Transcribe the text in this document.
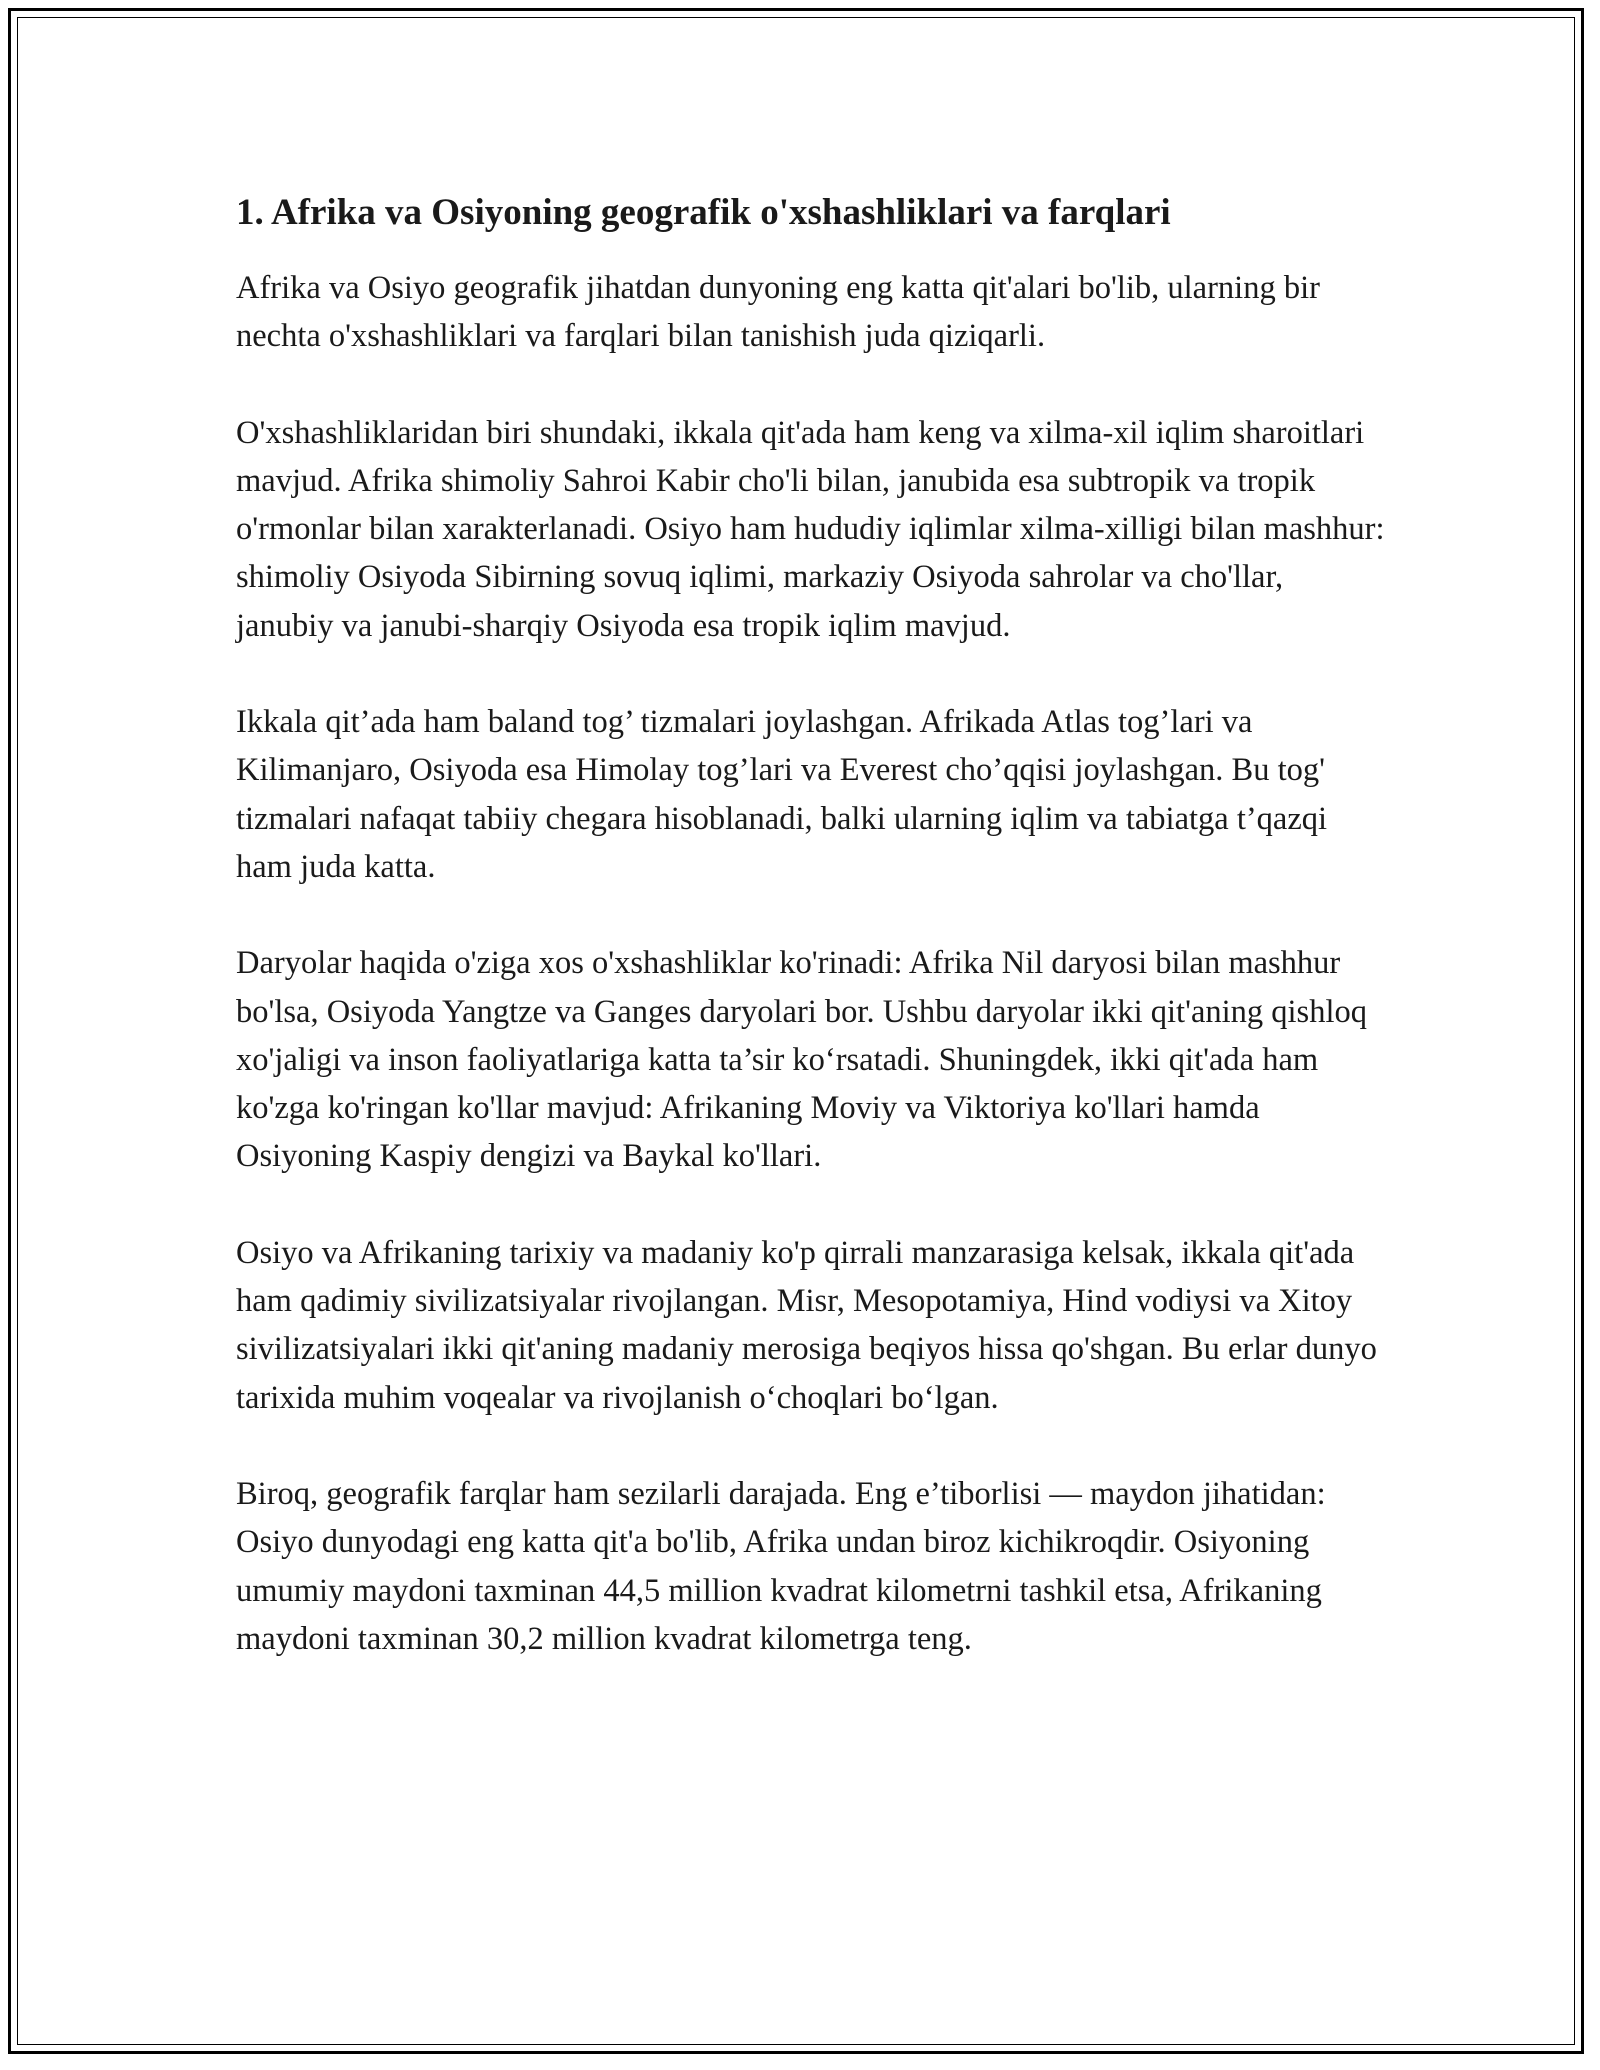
1. Afrika va Osiyoning geografik o'xshashliklari va farqlari

Afrika va Osiyo geografik jihatdan dunyoning eng katta qit'alari bo'lib, ularning bir nechta o'xshashliklari va farqlari bilan tanishish juda qiziqarli.

O'xshashliklaridan biri shundaki, ikkala qit'ada ham keng va xilma-xil iqlim sharoitlari mavjud. Afrika shimoliy Sahroi Kabir cho'li bilan, janubida esa subtropik va tropik o'rmonlar bilan xarakterlanadi. Osiyo ham hududiy iqlimlar xilma-xilligi bilan mashhur: shimoliy Osiyoda Sibirning sovuq iqlimi, markaziy Osiyoda sahrolar va cho'llar, janubiy va janubi-sharqiy Osiyoda esa tropik iqlim mavjud.

Ikkala qit’ada ham baland tog’ tizmalari joylashgan. Afrikada Atlas tog’lari va Kilimanjaro, Osiyoda esa Himolay tog’lari va Everest cho’qqisi joylashgan. Bu tog' tizmalari nafaqat tabiiy chegara hisoblanadi, balki ularning iqlim va tabiatga t’qazqi ham juda katta.

Daryolar haqida o'ziga xos o'xshashliklar ko'rinadi: Afrika Nil daryosi bilan mashhur bo'lsa, Osiyoda Yangtze va Ganges daryolari bor. Ushbu daryolar ikki qit'aning qishloq xo'jaligi va inson faoliyatlariga katta ta’sir ko‘rsatadi. Shuningdek, ikki qit'ada ham ko'zga ko'ringan ko'llar mavjud: Afrikaning Moviy va Viktoriya ko'llari hamda Osiyoning Kaspiy dengizi va Baykal ko'llari.

Osiyo va Afrikaning tarixiy va madaniy ko'p qirrali manzarasiga kelsak, ikkala qit'ada ham qadimiy sivilizatsiyalar rivojlangan. Misr, Mesopotamiya, Hind vodiysi va Xitoy sivilizatsiyalari ikki qit'aning madaniy merosiga beqiyos hissa qo'shgan. Bu erlar dunyo tarixida muhim voqealar va rivojlanish o‘choqlari bo‘lgan.

Biroq, geografik farqlar ham sezilarli darajada. Eng e’tiborlisi — maydon jihatidan: Osiyo dunyodagi eng katta qit'a bo'lib, Afrika undan biroz kichikroqdir. Osiyoning umumiy maydoni taxminan 44,5 million kvadrat kilometrni tashkil etsa, Afrikaning maydoni taxminan 30,2 million kvadrat kilometrga teng.
